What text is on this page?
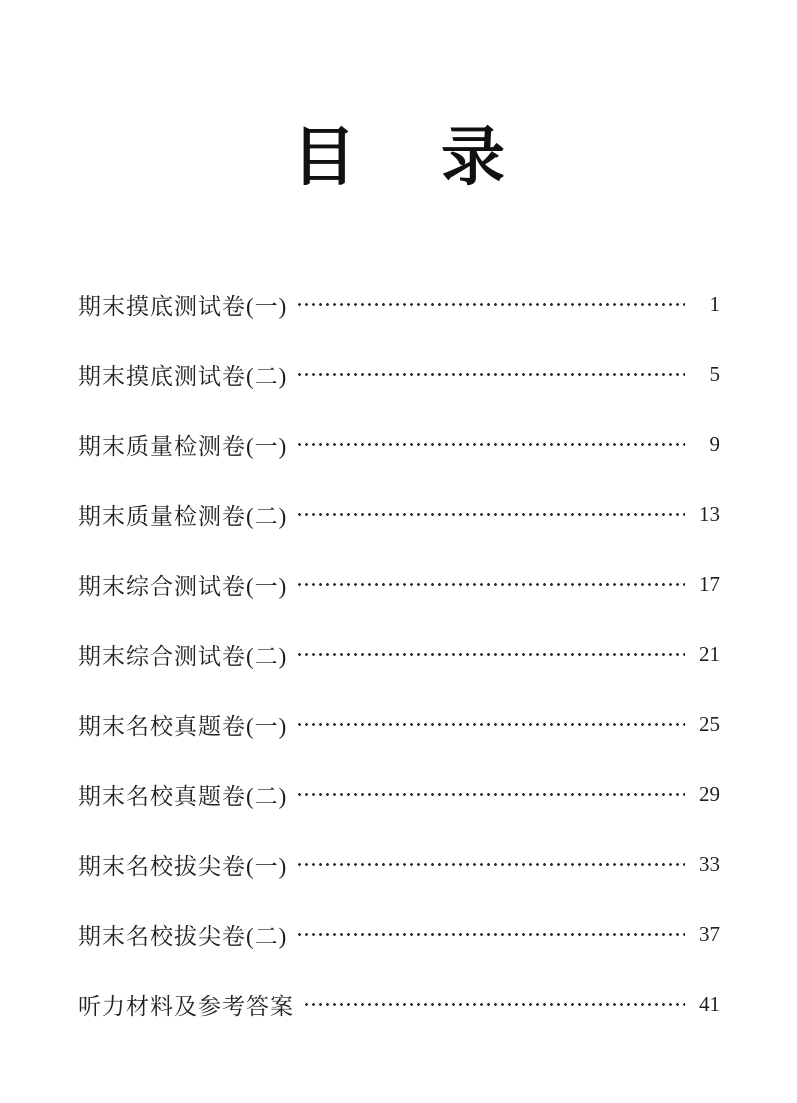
目 录
期末摸底测试卷(一)	1
期末摸底测试卷(二)	5
期末质量检测卷(一)	9
期末质量检测卷(二)	13
期末综合测试卷(一)	17
期末综合测试卷(二)	21
期末名校真题卷(一)	25
期末名校真题卷(二)	29
期末名校拔尖卷(一)	33
期末名校拔尖卷(二)	37
听力材料及参考答案	41
